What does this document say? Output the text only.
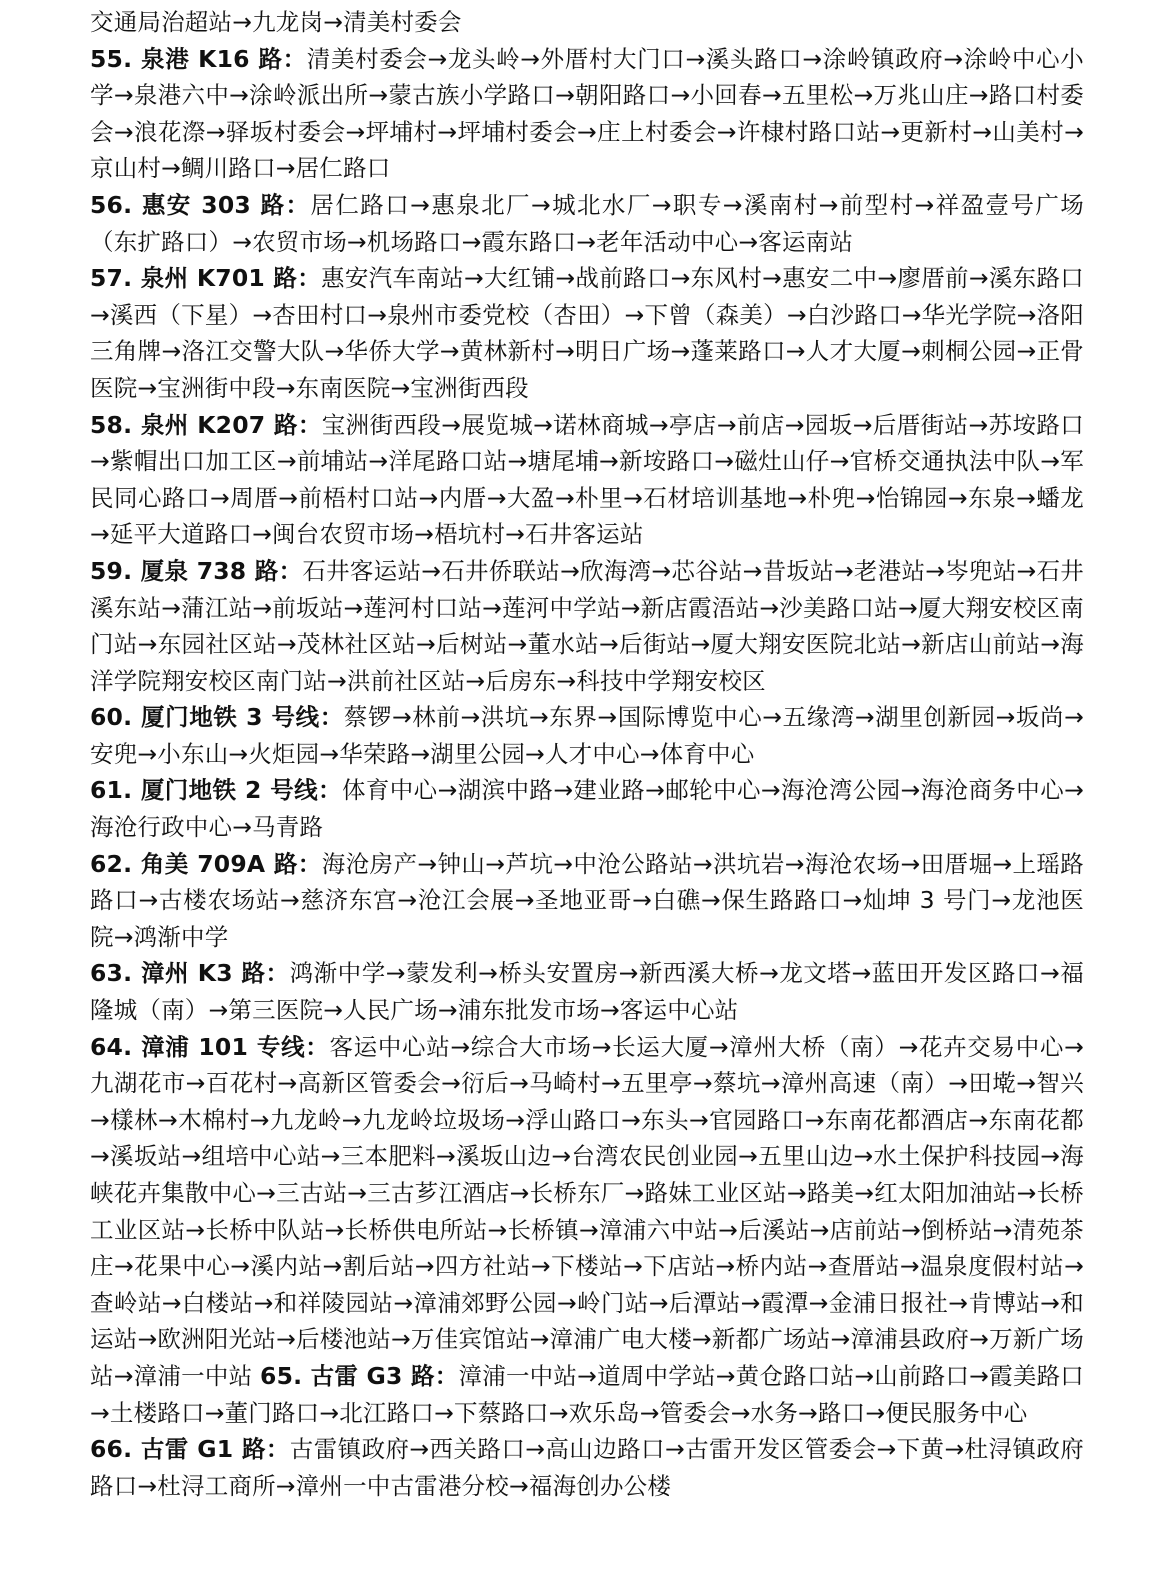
交通局治超站→九龙岗→清美村委会

55. 泉港 K16 路：清美村委会→龙头岭→外厝村大门口→溪头路口→涂岭镇政府→涂岭中心小学→泉港六中→涂岭派出所→蒙古族小学路口→朝阳路口→小回春→五里松→万兆山庄→路口村委会→浪花漈→驿坂村委会→坪埔村→坪埔村委会→庄上村委会→许棣村路口站→更新村→山美村→京山村→鲷川路口→居仁路口

56. 惠安 303 路：居仁路口→惠泉北厂→城北水厂→职专→溪南村→前型村→祥盈壹号广场（东扩路口）→农贸市场→机场路口→霞东路口→老年活动中心→客运南站

57. 泉州 K701 路：惠安汽车南站→大红铺→战前路口→东风村→惠安二中→廖厝前→溪东路口→溪西（下星）→杏田村口→泉州市委党校（杏田）→下曾（森美）→白沙路口→华光学院→洛阳三角牌→洛江交警大队→华侨大学→黄林新村→明日广场→蓬莱路口→人才大厦→刺桐公园→正骨医院→宝洲街中段→东南医院→宝洲街西段

58. 泉州 K207 路：宝洲街西段→展览城→诺林商城→亭店→前店→园坂→后厝街站→苏垵路口→紫帽出口加工区→前埔站→洋尾路口站→塘尾埔→新垵路口→磁灶山仔→官桥交通执法中队→军民同心路口→周厝→前梧村口站→内厝→大盈→朴里→石材培训基地→朴兜→怡锦园→东泉→蟠龙→延平大道路口→闽台农贸市场→梧坑村→石井客运站

59. 厦泉 738 路：石井客运站→石井侨联站→欣海湾→芯谷站→昔坂站→老港站→岑兜站→石井溪东站→蒲江站→前坂站→莲河村口站→莲河中学站→新店霞浯站→沙美路口站→厦大翔安校区南门站→东园社区站→茂林社区站→后树站→董水站→后街站→厦大翔安医院北站→新店山前站→海洋学院翔安校区南门站→洪前社区站→后房东→科技中学翔安校区

60. 厦门地铁 3 号线：蔡锣→林前→洪坑→东界→国际博览中心→五缘湾→湖里创新园→坂尚→安兜→小东山→火炬园→华荣路→湖里公园→人才中心→体育中心

61. 厦门地铁 2 号线：体育中心→湖滨中路→建业路→邮轮中心→海沧湾公园→海沧商务中心→海沧行政中心→马青路

62. 角美 709A 路：海沧房产→钟山→芦坑→中沧公路站→洪坑岩→海沧农场→田厝堀→上瑶路路口→古楼农场站→慈济东宫→沧江会展→圣地亚哥→白礁→保生路路口→灿坤 3 号门→龙池医院→鸿渐中学

63. 漳州 K3 路：鸿渐中学→蒙发利→桥头安置房→新西溪大桥→龙文塔→蓝田开发区路口→福隆城（南）→第三医院→人民广场→浦东批发市场→客运中心站

64. 漳浦 101 专线：客运中心站→综合大市场→长运大厦→漳州大桥（南）→花卉交易中心→九湖花市→百花村→高新区管委会→衍后→马崎村→五里亭→蔡坑→漳州高速（南）→田墘→智兴→樣林→木棉村→九龙岭→九龙岭垃圾场→浮山路口→东头→官园路口→东南花都酒店→东南花都→溪坂站→组培中心站→三本肥料→溪坂山边→台湾农民创业园→五里山边→水土保护科技园→海峡花卉集散中心→三古站→三古芗江酒店→长桥东厂→路妹工业区站→路美→红太阳加油站→长桥工业区站→长桥中队站→长桥供电所站→长桥镇→漳浦六中站→后溪站→店前站→倒桥站→清苑茶庄→花果中心→溪内站→割后站→四方社站→下楼站→下店站→桥内站→查厝站→温泉度假村站→查岭站→白楼站→和祥陵园站→漳浦郊野公园→岭门站→后潭站→霞潭→金浦日报社→肯博站→和运站→欧洲阳光站→后楼池站→万佳宾馆站→漳浦广电大楼→新都广场站→漳浦县政府→万新广场站→漳浦一中站 65. 古雷 G3 路：漳浦一中站→道周中学站→黄仓路口站→山前路口→霞美路口→土楼路口→董门路口→北江路口→下蔡路口→欢乐岛→管委会→水务→路口→便民服务中心

66. 古雷 G1 路：古雷镇政府→西关路口→高山边路口→古雷开发区管委会→下黄→杜浔镇政府路口→杜浔工商所→漳州一中古雷港分校→福海创办公楼
